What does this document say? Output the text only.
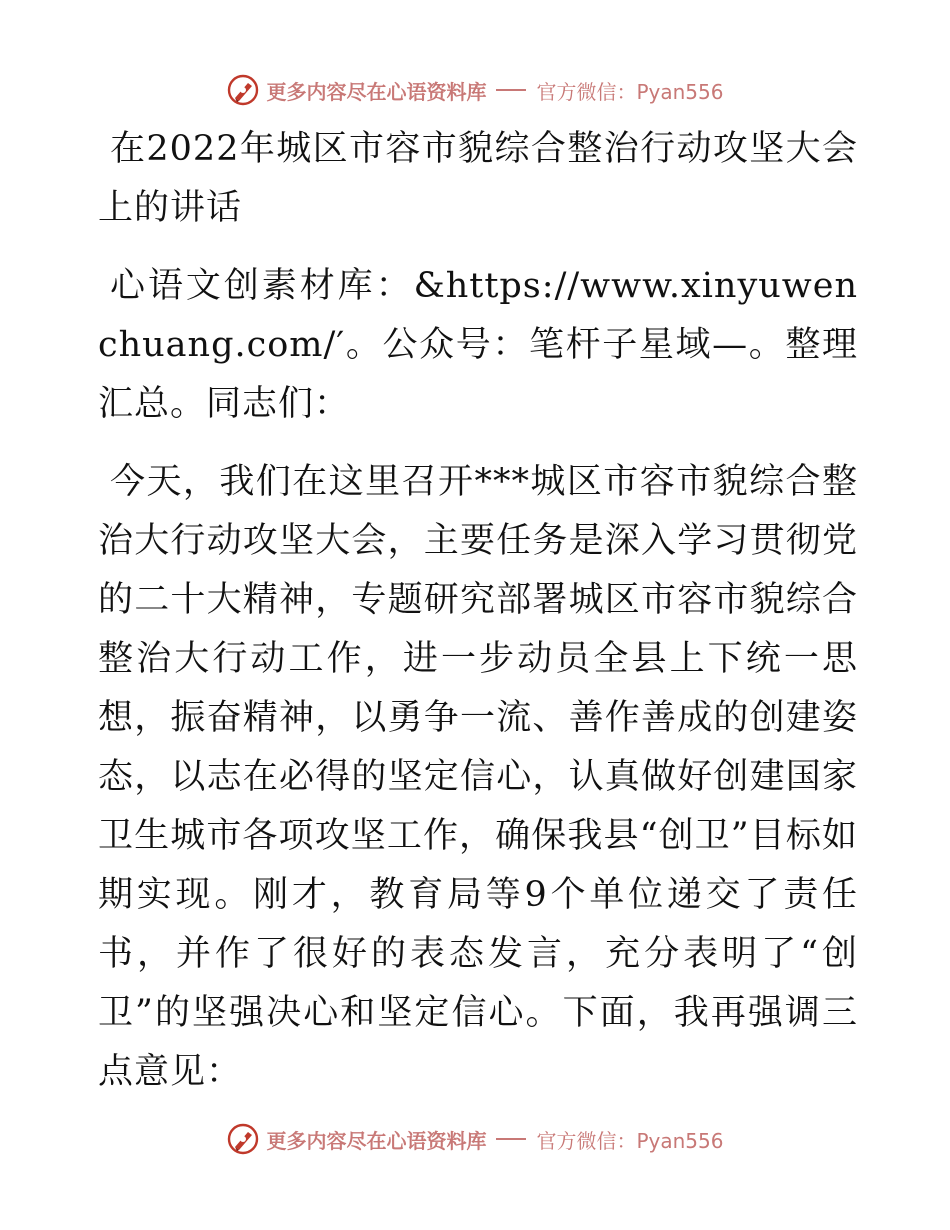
更多内容尽在心语资料库	官方微信：Pyan556

在2022年城区市容市貌综合整治行动攻坚大会上的讲话

心语文创素材库：&https://www.xinyuwenchuang.com/′。公众号：笔杆子星域—。整理汇总。同志们：

今天，我们在这里召开***城区市容市貌综合整治大行动攻坚大会，主要任务是深入学习贯彻党的二十大精神，专题研究部署城区市容市貌综合整治大行动工作，进一步动员全县上下统一思想，振奋精神，以勇争一流、善作善成的创建姿态，以志在必得的坚定信心，认真做好创建国家卫生城市各项攻坚工作，确保我县“创卫”目标如期实现。刚才，教育局等9个单位递交了责任书，并作了很好的表态发言，充分表明了“创卫”的坚强决心和坚定信心。下面，我再强调三点意见：

更多内容尽在心语资料库	官方微信：Pyan556
